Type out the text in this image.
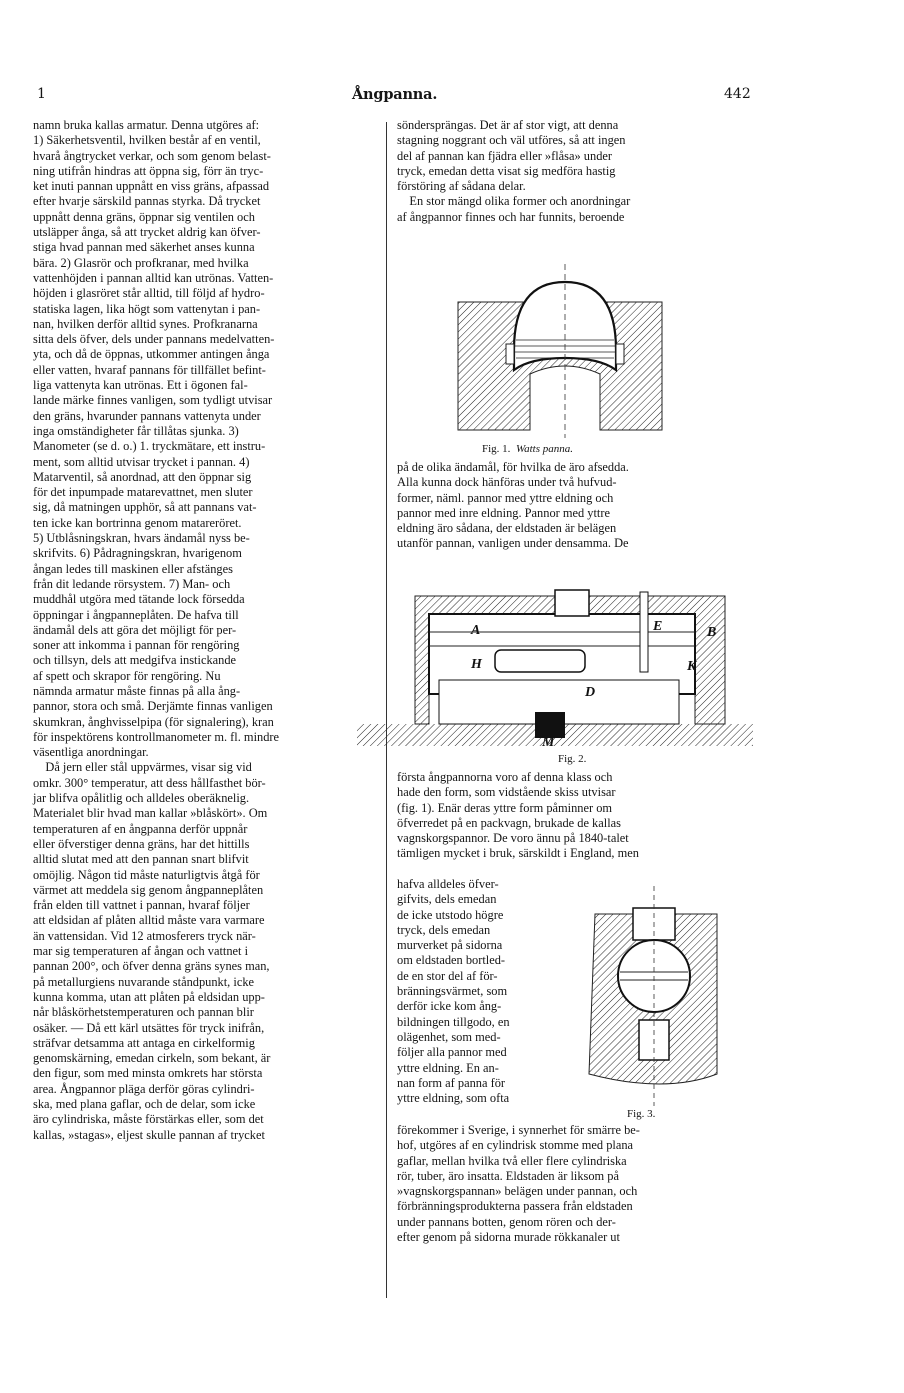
1	Ångpanna.	442
namn bruka kallas armatur. Denna utgöres af:
1) Säkerhetsventil, hvilken består af en ventil,
hvarå ångtrycket verkar, och som genom belast-
ning utifrån hindras att öppna sig, förr än tryc-
ket inuti pannan uppnått en viss gräns, afpassad
efter hvarje särskild pannas styrka. Då trycket
uppnått denna gräns, öppnar sig ventilen och
utsläpper ånga, så att trycket aldrig kan öfver-
stiga hvad pannan med säkerhet anses kunna
bära. 2) Glasrör och profkranar, med hvilka
vattenhöjden i pannan alltid kan utrönas. Vatten-
höjden i glasröret står alltid, till följd af hydro-
statiska lagen, lika högt som vattenytan i pan-
nan, hvilken derför alltid synes. Profkranarna
sitta dels öfver, dels under pannans medelvatten-
yta, och då de öppnas, utkommer antingen ånga
eller vatten, hvaraf pannans för tillfället befint-
liga vattenyta kan utrönas. Ett i ögonen fal-
lande märke finnes vanligen, som tydligt utvisar
den gräns, hvarunder pannans vattenyta under
inga omständigheter får tillåtas sjunka. 3)
Manometer (se d. o.) 1. tryckmätare, ett instru-
ment, som alltid utvisar trycket i pannan. 4)
Matarventil, så anordnad, att den öppnar sig
för det inpumpade matarevattnet, men sluter
sig, då matningen upphör, så att pannans vat-
ten icke kan bortrinna genom matareröret.
5) Utblåsningskran, hvars ändamål nyss be-
skrifvits. 6) Pådragningskran, hvarigenom
ångan ledes till maskinen eller afstänges
från dit ledande rörsystem. 7) Man- och
muddhål utgöra med tätande lock försedda
öppningar i ångpanneplåten. De hafva till
ändamål dels att göra det möjligt för per-
soner att inkomma i pannan för rengöring
och tillsyn, dels att medgifva instickande
af spett och skrapor för rengöring. Nu
nämnda armatur måste finnas på alla ång-
pannor, stora och små. Derjämte finnas vanligen
skumkran, ånghvisselpipa (för signalering), kran
för inspektörens kontrollmanometer m. fl. mindre
väsentliga anordningar.
Då jern eller stål uppvärmes, visar sig vid
omkr. 300° temperatur, att dess hållfasthet bör-
jar blifva opålitlig och alldeles oberäknelig.
Materialet blir hvad man kallar »blåskört». Om
temperaturen af en ångpanna derför uppnår
eller öfverstiger denna gräns, har det hittills
alltid slutat med att den pannan snart blifvit
omöjlig. Någon tid måste naturligtvis åtgå för
värmet att meddela sig genom ångpanneplåten
från elden till vattnet i pannan, hvaraf följer
att eldsidan af plåten alltid måste vara varmare
än vattensidan. Vid 12 atmosferers tryck när-
mar sig temperaturen af ångan och vattnet i
pannan 200°, och öfver denna gräns synes man,
på metallurgiens nuvarande ståndpunkt, icke
kunna komma, utan att plåten på eldsidan upp-
når blåskörhetstemperaturen och pannan blir
osäker. — Då ett kärl utsättes för tryck inifrån,
sträfvar detsamma att antaga en cirkelformig
genomskärning, emedan cirkeln, som bekant, är
den figur, som med minsta omkrets har största
area. Ångpannor pläga derför göras cylindri-
ska, med plana gaflar, och de delar, som icke
äro cylindriska, måste förstärkas eller, som det
kallas, »stagas», eljest skulle pannan af trycket
sönderspräng͏as. Det är af stor vigt, att denna
stagning noggrant och väl utföres, så att ingen
del af pannan kan fjädra eller »flåsa» under
tryck, emedan detta visat sig medföra hastig
förstöring af sådana delar.
En stor mängd olika former och anordningar
af ångpannor finnes och har funnits, beroende
Fig. 1. Watts panna.
på de olika ändamål, för hvilka de äro afsedda.
Alla kunna dock hänföras under två hufvud-
former, näml. pannor med yttre eldning och
pannor med inre eldning. Pannor med yttre
eldning äro sådana, der eldstaden är belägen
utanför pannan, vanligen under densamma. De
A	E	B
H	K
D
M
Fig. 2.
första ångpannorna voro af denna klass och
hade den form, som vidstående skiss utvisar
(fig. 1). Enär deras yttre form påminner om
öfverredet på en packvagn, brukade de kallas
vagnskorgspannor. De voro ännu på 1840-talet
tämligen mycket i bruk, särskildt i England, men
hafva alldeles öfver-
gifvits, dels emedan
de icke utstodo högre
tryck, dels emedan
murverket på sidorna
om eldstaden bortled-
de en stor del af för-
bränningsvärmet, som
derför icke kom ång-
bildningen tillgodo, en
olägenhet, som med-
följer alla pannor med
yttre eldning. En an-
nan form af panna för
yttre eldning, som ofta
Fig. 3.
förekommer i Sverige, i synnerhet för smärre be-
hof, utgöres af en cylindrisk stomme med plana
gaflar, mellan hvilka två eller flere cylindriska
rör, tuber, äro insatta. Eldstaden är liksom på
»vagnskorgspannan» belägen under pannan, och
förbränningsprodukterna passera från eldstaden
under pannans botten, genom rören och der-
efter genom på sidorna murade rökkanaler ut
